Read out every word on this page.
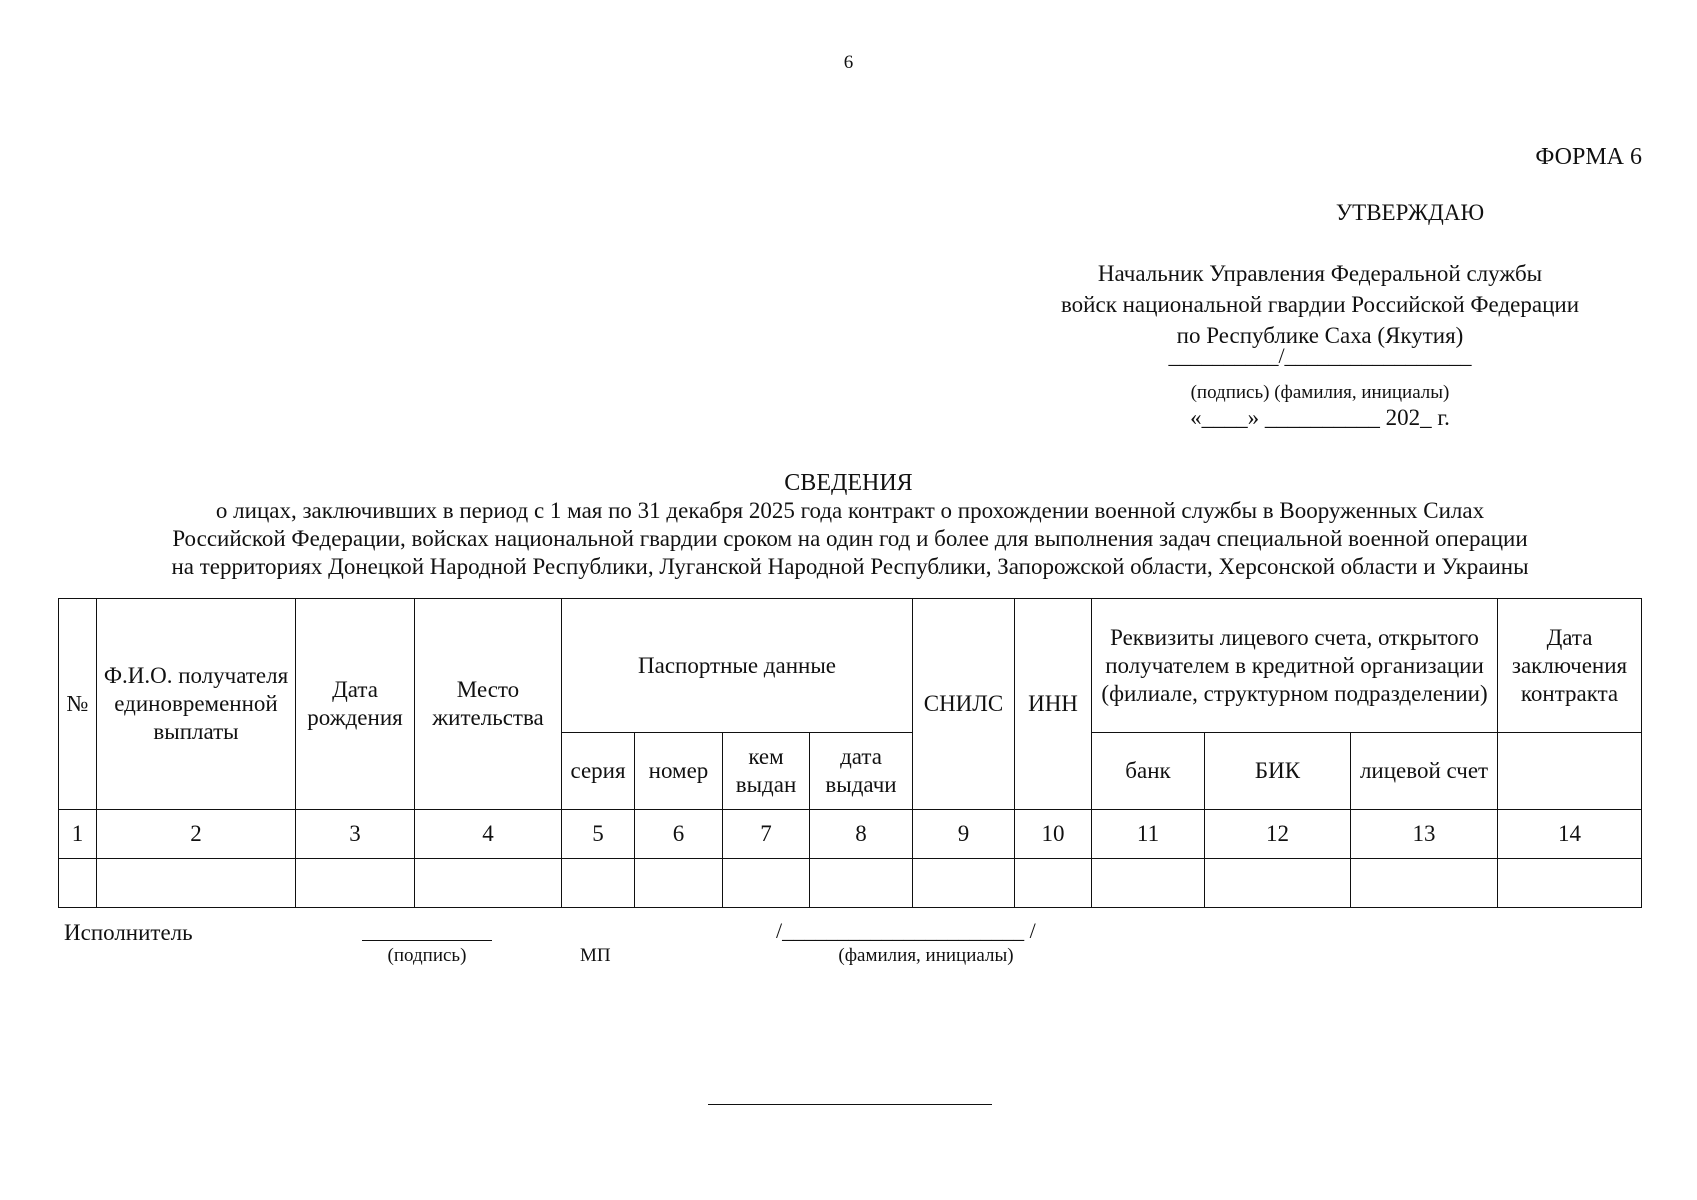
6
ФОРМА 6
УТВЕРЖДАЮ
Начальник Управления Федеральной службы
войск национальной гвардии Российской Федерации
по Республике Саха (Якутия)
__________/_________________
(подпись) (фамилия, инициалы)
«____» __________ 202_ г.
СВЕДЕНИЯ
о лицах, заключивших в период с 1 мая по 31 декабря 2025 года контракт о прохождении военной службы в Вооруженных Силах
Российской Федерации, войсках национальной гвардии сроком на один год и более для выполнения задач специальной военной операции
на территориях Донецкой Народной Республики, Луганской Народной Республики, Запорожской области, Херсонской области и Украины
№	Ф.И.О. получателя единовременной выплаты	Дата рождения	Место жительства	Паспортные данные				СНИЛС	ИНН	Реквизиты лицевого счета, открытого получателем в кредитной организации (филиале, структурном подразделении)			Дата заключения контракта
				серия	номер	кем выдан	дата выдачи			банк	БИК	лицевой счет	
1	2	3	4	5	6	7	8	9	10	11	12	13	14

Исполнитель
(подпись)	МП
/______________________ /
(фамилия, инициалы)
